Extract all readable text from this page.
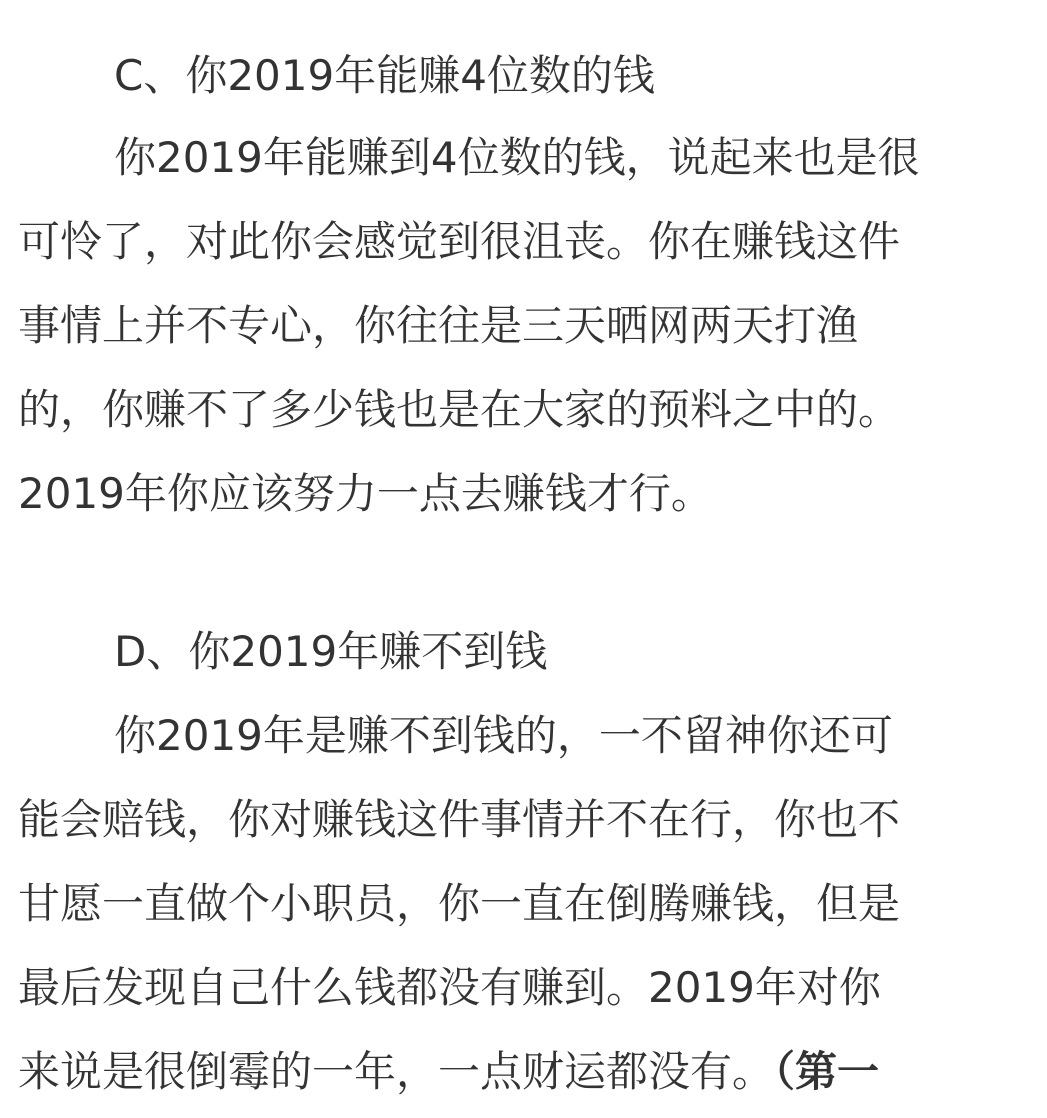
C、你2019年能赚4位数的钱
你2019年能赚到4位数的钱，说起来也是很
可怜了，对此你会感觉到很沮丧。你在赚钱这件
事情上并不专心，你往往是三天晒网两天打渔
的，你赚不了多少钱也是在大家的预料之中的。
2019年你应该努力一点去赚钱才行。
D、你2019年赚不到钱
你2019年是赚不到钱的，一不留神你还可
能会赔钱，你对赚钱这件事情并不在行，你也不
甘愿一直做个小职员，你一直在倒腾赚钱，但是
最后发现自己什么钱都没有赚到。2019年对你
来说是很倒霉的一年，一点财运都没有。（第一
